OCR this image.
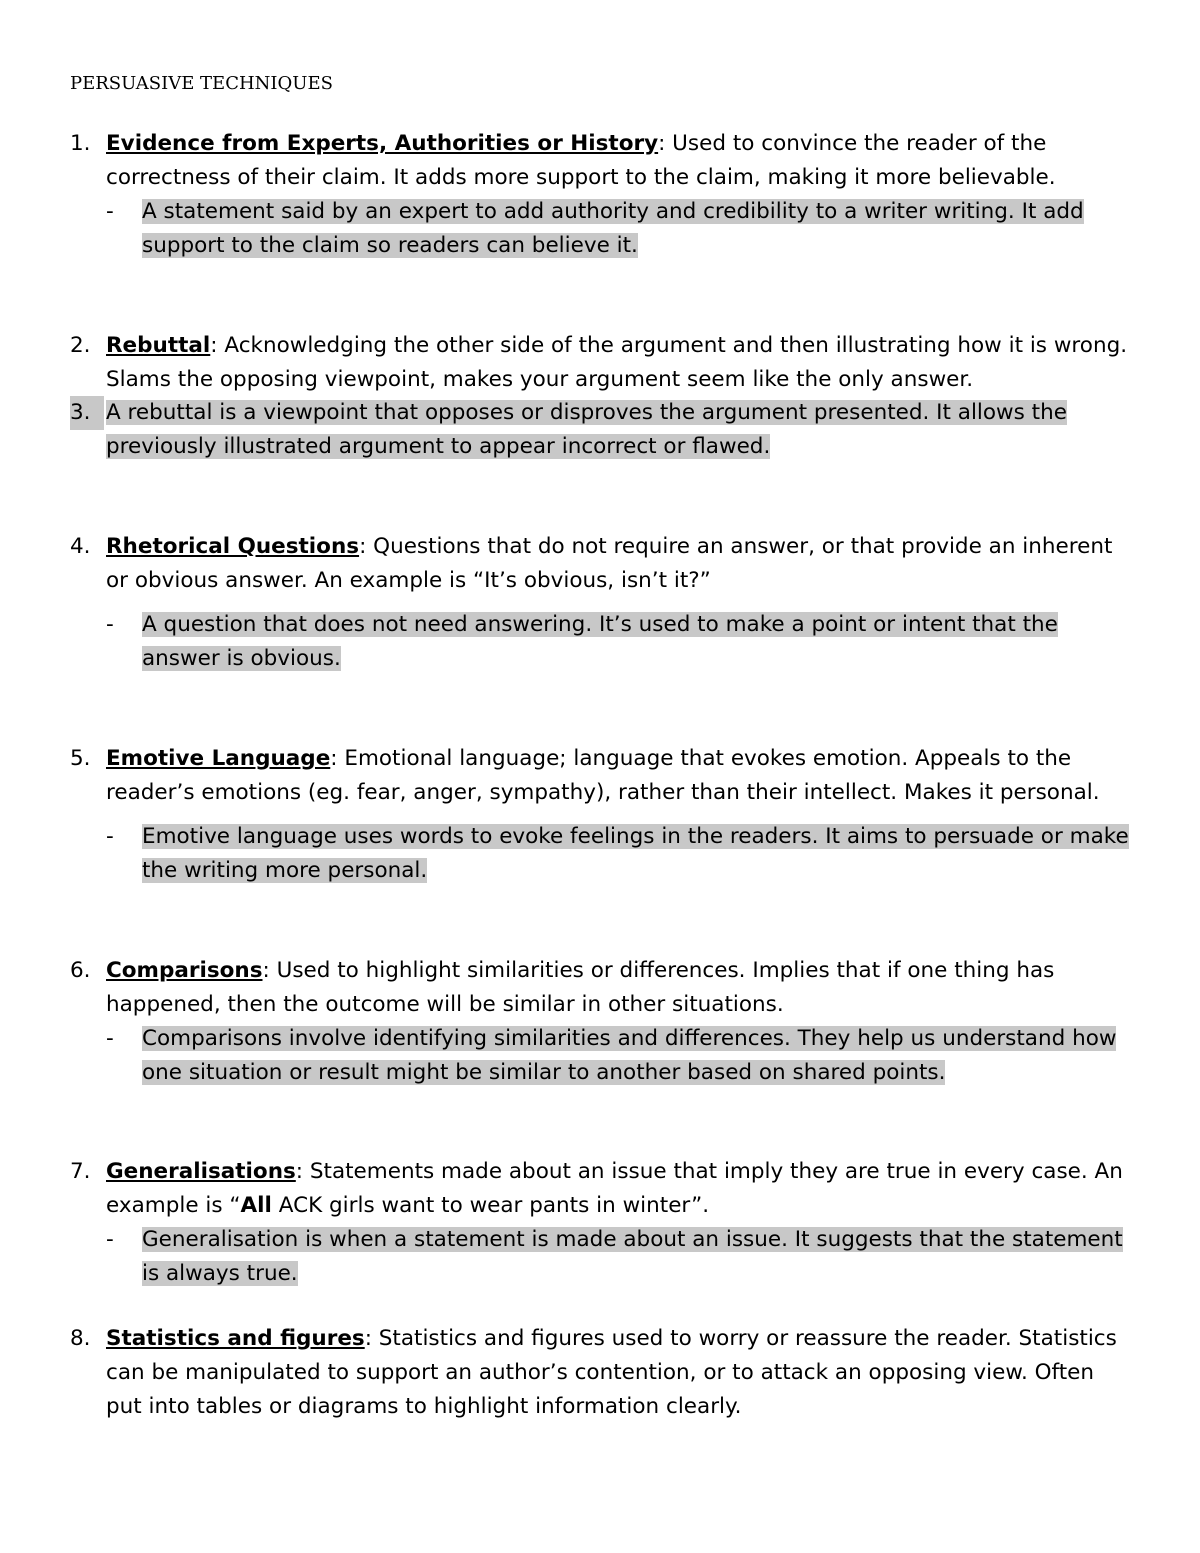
PERSUASIVE TECHNIQUES
1. Evidence from Experts, Authorities or History: Used to convince the reader of the correctness of their claim. It adds more support to the claim, making it more believable.
- A statement said by an expert to add authority and credibility to a writer writing. It add support to the claim so readers can believe it.
2. Rebuttal: Acknowledging the other side of the argument and then illustrating how it is wrong. Slams the opposing viewpoint, makes your argument seem like the only answer.
3. A rebuttal is a viewpoint that opposes or disproves the argument presented. It allows the previously illustrated argument to appear incorrect or flawed.
4. Rhetorical Questions: Questions that do not require an answer, or that provide an inherent or obvious answer. An example is “It’s obvious, isn’t it?”
- A question that does not need answering. It’s used to make a point or intent that the answer is obvious.
5. Emotive Language: Emotional language; language that evokes emotion. Appeals to the reader’s emotions (eg. fear, anger, sympathy), rather than their intellect. Makes it personal.
- Emotive language uses words to evoke feelings in the readers. It aims to persuade or make the writing more personal.
6. Comparisons: Used to highlight similarities or differences. Implies that if one thing has happened, then the outcome will be similar in other situations.
- Comparisons involve identifying similarities and differences. They help us understand how one situation or result might be similar to another based on shared points.
7. Generalisations: Statements made about an issue that imply they are true in every case. An example is “All ACK girls want to wear pants in winter”.
- Generalisation is when a statement is made about an issue. It suggests that the statement is always true.
8. Statistics and figures: Statistics and figures used to worry or reassure the reader. Statistics can be manipulated to support an author’s contention, or to attack an opposing view. Often put into tables or diagrams to highlight information clearly.
